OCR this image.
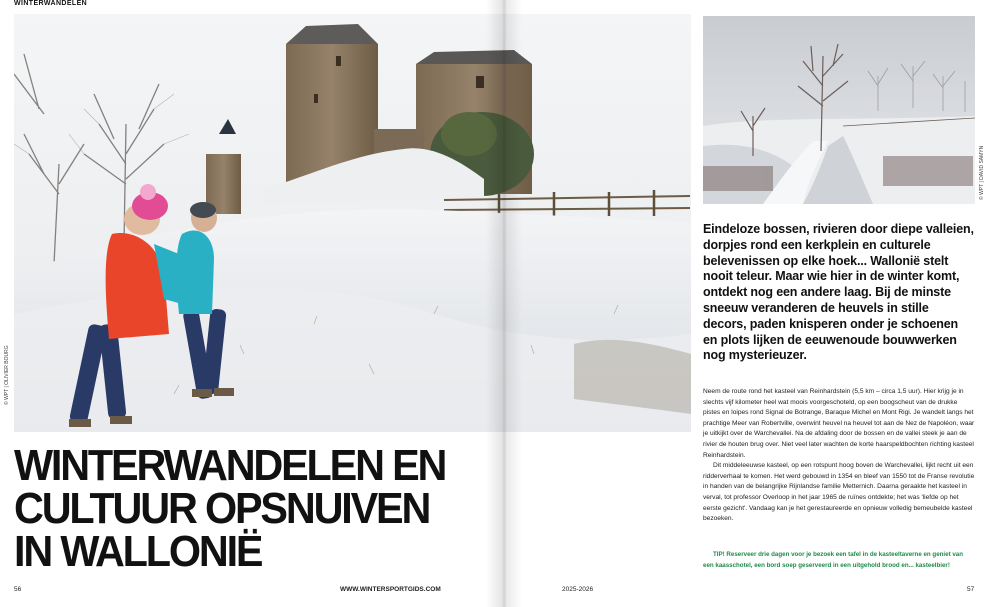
WINTERWANDELEN
© WPT | OLIVIER BOURG
WINTERWANDELEN EN
CULTUUR OPSNUIVEN
IN WALLONIË
© WPT | DAVID SAMYN

Eindeloze bossen, rivieren door diepe valleien, dorpjes rond een kerkplein en culturele belevenissen op elke hoek... Wallonië stelt nooit teleur. Maar wie hier in de winter komt, ontdekt nog een andere laag. Bij de minste sneeuw veranderen de heuvels in stille decors, paden knisperen onder je schoenen en plots lijken de eeuwenoude bouwwerken nog mysterieuzer.

Neem de route rond het kasteel van Reinhardstein (5,5 km – circa 1,5 uur). Hier krijg je in slechts vijf kilometer heel wat moois voorgeschoteld, op een boogscheut van de drukke pistes en loipes rond Signal de Botrange, Baraque Michel en Mont Rigi. Je wandelt langs het prachtige Meer van Robertville, overwint heuvel na heuvel tot aan de Nez de Napoléon, waar je uitkijkt over de Warchevallei. Na de afdaling door de bossen en de vallei steek je aan de rivier de houten brug over. Niet veel later wachten de korte haarspeldbochten richting kasteel Reinhardstein.

Dit middeleeuwse kasteel, op een rotspunt hoog boven de Warchevallei, lijkt recht uit een ridderverhaal te komen. Het werd gebouwd in 1354 en bleef van 1550 tot de Franse revolutie in handen van de belangrijke Rijnlandse familie Metternich. Daarna geraakte het kasteel in verval, tot professor Overloop in het jaar 1965 de ruïnes ontdekte; het was 'liefde op het eerste gezicht'. Vandaag kan je het gerestaureerde en opnieuw volledig bemeubelde kasteel bezoeken.

TIP! Reserveer drie dagen voor je bezoek een tafel in de kasteeltaverne en geniet van een kaasschotel, een bord soep geserveerd in een uitgehold brood en... kasteelbier!

56	WWW.WINTERSPORTGIDS.COM	2025-2026	57
